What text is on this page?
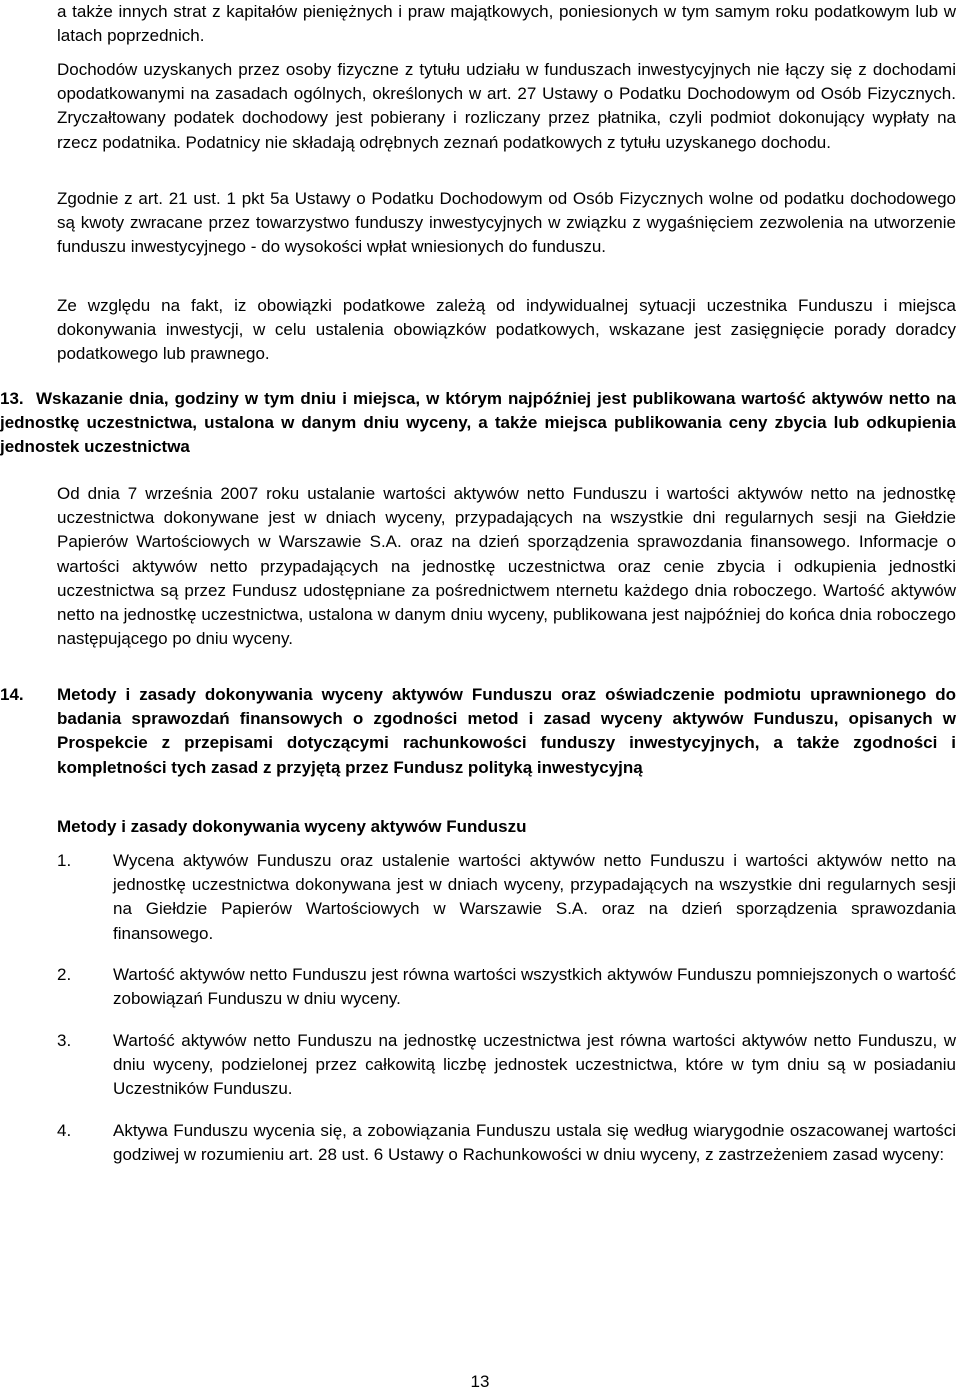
a także innych strat z kapitałów pieniężnych i praw majątkowych, poniesionych w tym samym roku podatkowym lub w latach poprzednich.

Dochodów uzyskanych przez osoby fizyczne z tytułu udziału w funduszach inwestycyjnych nie łączy się z dochodami opodatkowanymi na zasadach ogólnych, określonych w art. 27 Ustawy o Podatku Dochodowym od Osób Fizycznych. Zryczałtowany podatek dochodowy jest pobierany i rozliczany przez płatnika, czyli podmiot dokonujący wypłaty na rzecz podatnika. Podatnicy nie składają odrębnych zeznań podatkowych z tytułu uzyskanego dochodu.

Zgodnie z art. 21 ust. 1 pkt 5a Ustawy o Podatku Dochodowym od Osób Fizycznych wolne od podatku dochodowego są kwoty zwracane przez towarzystwo funduszy inwestycyjnych w związku z wygaśnięciem zezwolenia na utworzenie funduszu inwestycyjnego - do wysokości wpłat wniesionych do funduszu.

Ze względu na fakt, iz obowiązki podatkowe zależą od indywidualnej sytuacji uczestnika Funduszu i miejsca dokonywania inwestycji, w celu ustalenia obowiązków podatkowych, wskazane jest zasięgnięcie porady doradcy podatkowego lub prawnego.

13. Wskazanie dnia, godziny w tym dniu i miejsca, w którym najpóźniej jest publikowana wartość aktywów netto na jednostkę uczestnictwa, ustalona w danym dniu wyceny, a także miejsca publikowania ceny zbycia lub odkupienia jednostek uczestnictwa

Od dnia 7 września 2007 roku ustalanie wartości aktywów netto Funduszu i wartości aktywów netto na jednostkę uczestnictwa dokonywane jest w dniach wyceny, przypadających na wszystkie dni regularnych sesji na Giełdzie Papierów Wartościowych w Warszawie S.A. oraz na dzień sporządzenia sprawozdania finansowego. Informacje o wartości aktywów netto przypadających na jednostkę uczestnictwa oraz cenie zbycia i odkupienia jednostki uczestnictwa są przez Fundusz udostępniane za pośrednictwem nternetu każdego dnia roboczego. Wartość aktywów netto na jednostkę uczestnictwa, ustalona w danym dniu wyceny, publikowana jest najpóźniej do końca dnia roboczego następującego po dniu wyceny.

14. Metody i zasady dokonywania wyceny aktywów Funduszu oraz oświadczenie podmiotu uprawnionego do badania sprawozdań finansowych o zgodności metod i zasad wyceny aktywów Funduszu, opisanych w Prospekcie z przepisami dotyczącymi rachunkowości funduszy inwestycyjnych, a także zgodności i kompletności tych zasad z przyjętą przez Fundusz polityką inwestycyjną

Metody i zasady dokonywania wyceny aktywów Funduszu

1. Wycena aktywów Funduszu oraz ustalenie wartości aktywów netto Funduszu i wartości aktywów netto na jednostkę uczestnictwa dokonywana jest w dniach wyceny, przypadających na wszystkie dni regularnych sesji na Giełdzie Papierów Wartościowych w Warszawie S.A. oraz na dzień sporządzenia sprawozdania finansowego.
2. Wartość aktywów netto Funduszu jest równa wartości wszystkich aktywów Funduszu pomniejszonych o wartość zobowiązań Funduszu w dniu wyceny.
3. Wartość aktywów netto Funduszu na jednostkę uczestnictwa jest równa wartości aktywów netto Funduszu, w dniu wyceny, podzielonej przez całkowitą liczbę jednostek uczestnictwa, które w tym dniu są w posiadaniu Uczestników Funduszu.
4. Aktywa Funduszu wycenia się, a zobowiązania Funduszu ustala się według wiarygodnie oszacowanej wartości godziwej w rozumieniu art. 28 ust. 6 Ustawy o Rachunkowości w dniu wyceny, z zastrzeżeniem zasad wyceny:
13
